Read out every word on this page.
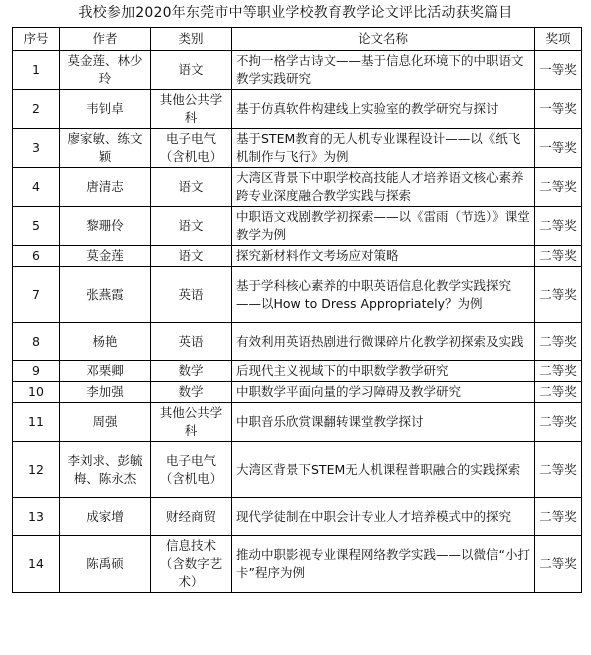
我校参加2020年东莞市中等职业学校教育教学论文评比活动获奖篇目
序号	作者	类别	论文名称	奖项
1	莫金莲、林少玲	语文	不拘一格学古诗文——基于信息化环境下的中职语文教学实践研究	一等奖
2	韦钊卓	其他公共学科	基于仿真软件构建线上实验室的教学研究与探讨	一等奖
3	廖家敏、练文颖	电子电气（含机电）	基于STEM教育的无人机专业课程设计——以《纸飞机制作与飞行》为例	一等奖
4	唐清志	语文	大湾区背景下中职学校高技能人才培养语文核心素养跨专业深度融合教学实践与探索	二等奖
5	黎珊伶	语文	中职语文戏剧教学初探索——以《雷雨（节选）》课堂教学为例	二等奖
6	莫金莲	语文	探究新材料作文考场应对策略	二等奖
7	张燕霞	英语	基于学科核心素养的中职英语信息化教学实践探究——以How to Dress Appropriately？为例	二等奖
8	杨艳	英语	有效利用英语热剧进行微课碎片化教学初探索及实践	二等奖
9	邓栗卿	数学	后现代主义视域下的中职数学教学研究	二等奖
10	李加强	数学	中职数学平面向量的学习障碍及教学研究	二等奖
11	周强	其他公共学科	中职音乐欣赏课翻转课堂教学探讨	二等奖
12	李刘求、彭毓梅、陈永杰	电子电气（含机电）	大湾区背景下STEM无人机课程普职融合的实践探索	二等奖
13	成家增	财经商贸	现代学徒制在中职会计专业人才培养模式中的探究	二等奖
14	陈禹硕	信息技术（含数字艺术）	推动中职影视专业课程网络教学实践——以微信“小打卡”程序为例	二等奖
